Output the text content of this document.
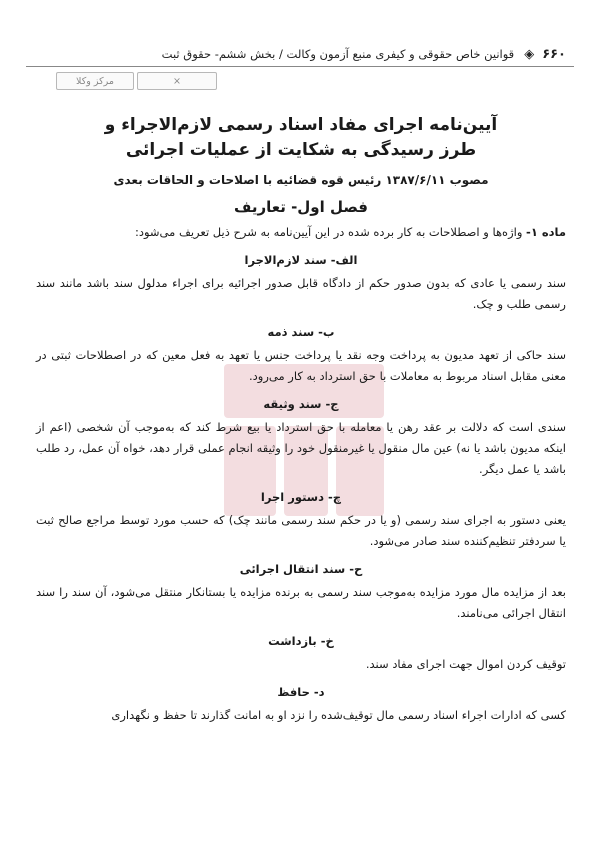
۶۶۰
◈
قوانین خاص حقوقی و کیفری منبع آزمون وکالت / بخش ششم- حقوق ثبت
مرکز وکلا	×
آیین‌نامه اجرای مفاد اسناد رسمی لازم‌الاجراء و طرز رسیدگی به شکایت از عملیات اجرائی

مصوب ۱۳۸۷/۶/۱۱ رئیس قوه قضائیه با اصلاحات و الحاقات بعدی

فصل اول- تعاریف

ماده ۱- واژه‌ها و اصطلاحات به کار برده شده در این آیین‌نامه به شرح ذیل تعریف می‌شود:

الف- سند لازم‌الاجرا

سند رسمی یا عادی که بدون صدور حکم از دادگاه قابل صدور اجرائیه برای اجراء مدلول سند باشد مانند سند رسمی طلب و چک.

ب- سند ذمه

سند حاکی از تعهد مدیون به پرداخت وجه نقد یا پرداخت جنس یا تعهد به فعل معین که در اصطلاحات ثبتی در معنی مقابل اسناد مربوط به معاملات با حق استرداد به کار می‌رود.

ج- سند وثیقه

سندی است که دلالت بر عقد رهن یا معامله با حق استرداد یا بیع شرط کند که به‌موجب آن شخصی (اعم از اینکه مدیون باشد یا نه) عین مال منقول یا غیرمنقول خود را وثیقه انجام عملی قرار دهد، خواه آن عمل، رد طلب باشد یا عمل دیگر.

چ- دستور اجرا

یعنی دستور به اجرای سند رسمی (و یا در حکم سند رسمی مانند چک) که حسب مورد توسط مراجع صالح ثبت یا سردفتر تنظیم‌کننده سند صادر می‌شود.

ح- سند انتقال اجرائی

بعد از مزایده مال مورد مزایده به‌موجب سند رسمی به برنده مزایده یا بستانکار منتقل می‌شود، آن سند را سند انتقال اجرائی می‌نامند.

خ- بازداشت

توقیف کردن اموال جهت اجرای مفاد سند.

د- حافظ

کسی که ادارات اجراء اسناد رسمی مال توقیف‌شده را نزد او به امانت گذارند تا حفظ و نگهداری
